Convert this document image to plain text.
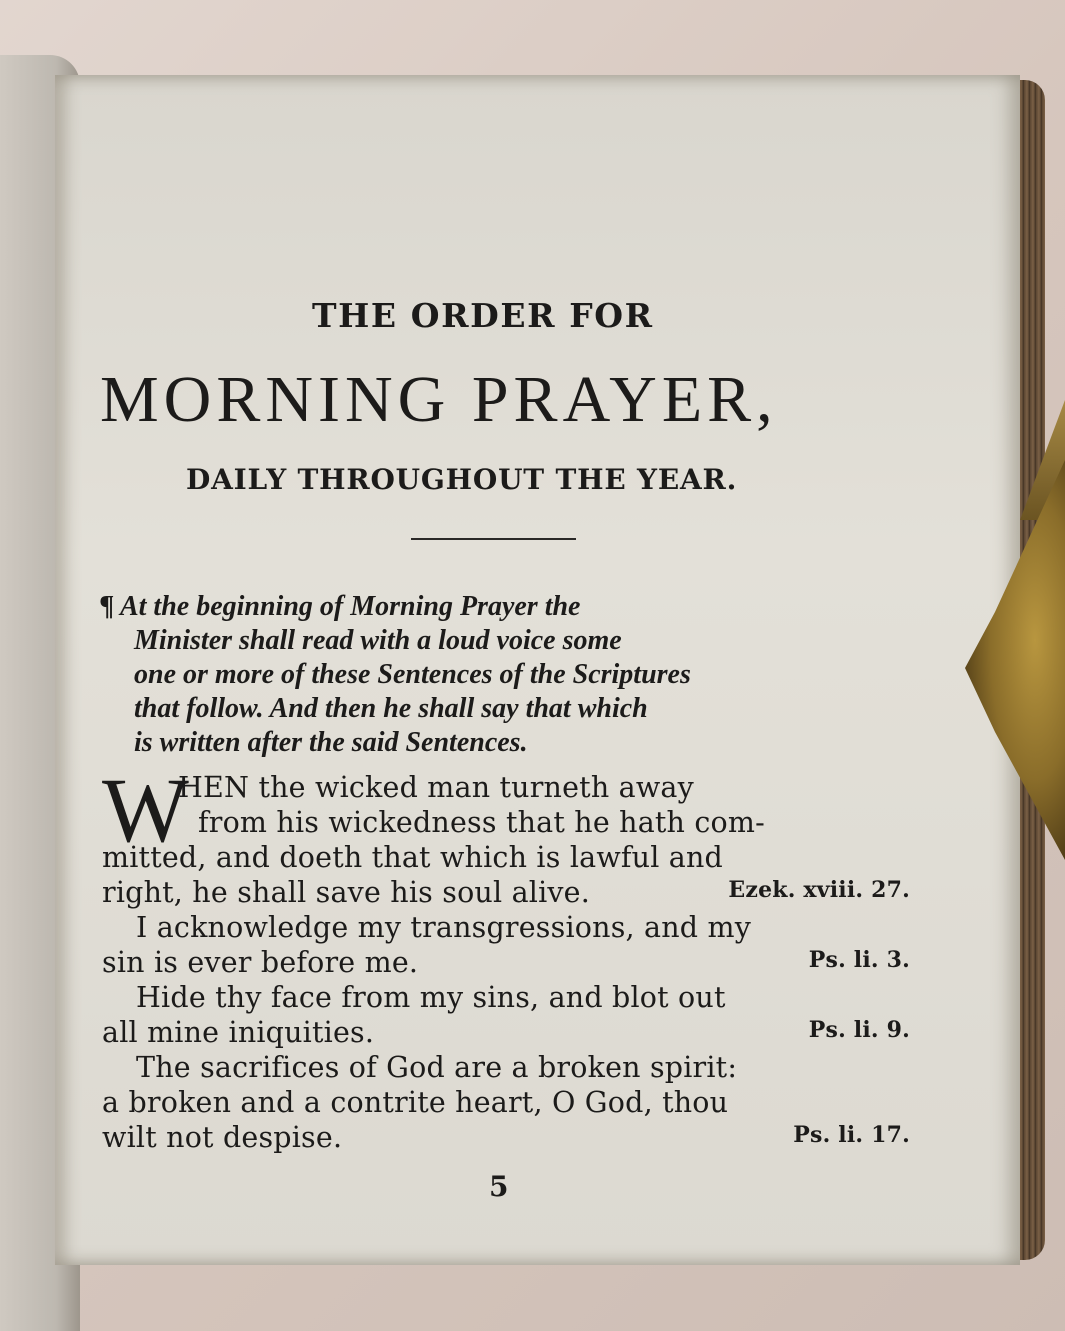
THE ORDER FOR
MORNING PRAYER,
DAILY THROUGHOUT THE YEAR.
¶ At the beginning of Morning Prayer the
Minister shall read with a loud voice some
one or more of these Sentences of the Scriptures
that follow. And then he shall say that which
is written after the said Sentences.
W
HEN the wicked man turneth away
from his wickedness that he hath com-
mitted, and doeth that which is lawful and
right, he shall save his soul alive.	Ezek. xviii. 27.
I acknowledge my transgressions, and my
sin is ever before me.	Ps. li. 3.
Hide thy face from my sins, and blot out
all mine iniquities.	Ps. li. 9.
The sacrifices of God are a broken spirit:
a broken and a contrite heart, O God, thou
wilt not despise.	Ps. li. 17.
5
